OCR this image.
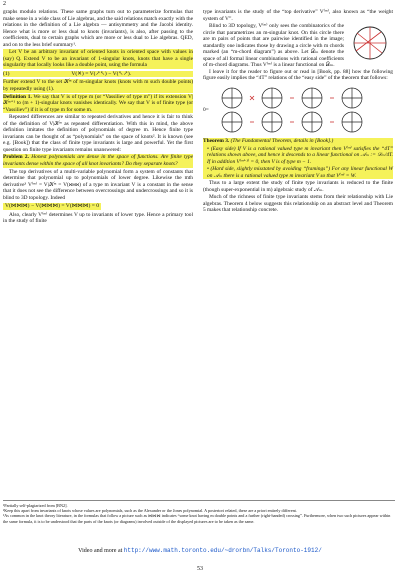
2

graphs modulo relations. These same graphs turn out to parameterize formulas that make sense in a wide class of Lie algebras, and the said relations match exactly with the relations in the definition of a Lie algebra — antisymmetry and the Jacobi identity. Hence what is more or less dual to knots (invariants), is also, after passing to the coefficients, dual to certain graphs which are more or less dual to Lie algebras. QED, and on to the less brief summary¹.

Let V be an arbitrary invariant of oriented knots in oriented space with values in (say) Q. Extend V to be an invariant of 1-singular knots, knots that have a single singularity that locally looks like a double point, using the formula

(1)	V(✕) = V(↗↖) − V(↖↗).

Further extend V to the set 𝒦ᵐ of m-singular knots (knots with m such double points) by repeatedly using (1).

Definition 1. We say that V is of type m (or “Vassiliev of type m”) if its extension V|𝒦ᵐ⁺¹ to (m + 1)-singular knots vanishes identically. We say that V is of finite type (or “Vassiliev”) if it is of type m for some m.

Repeated differences are similar to repeated derivatives and hence it is fair to think of the definition of V|𝒦ᵐ as repeated differentiation. With this in mind, the above definition imitates the definition of polynomials of degree m. Hence finite type invariants can be thought of as “polynomials” on the space of knots². It is known (see e.g. [Book]) that the class of finite type invariants is large and powerful. Yet the first question on finite type invariants remains unanswered:

Problem 2. Honest polynomials are dense in the space of functions. Are finite type invariants dense within the space of all knot invariants? Do they separate knots?

The top derivatives of a multi-variable polynomial form a system of constants that determine that polynomial up to polynomials of lower degree. Likewise the mth derivative³ V⁽ᵐ⁾ = V|𝒦ᵐ = V(⋈⋈⋈) of a type m invariant V is a constant in the sense that it does not see the difference between overcrossings and undercrossings and so it is blind to 3D topology. Indeed

V(⋈⋈⋈) − V(⋈⋈⋈) = V(⋈⋈⋈) = 0

Also, clearly V⁽ᵐ⁾ determines V up to invariants of lower type. Hence a primary tool in the study of finite

type invariants is the study of the “top derivative” V⁽ᵐ⁾, also known as “the weight system of V”.

Blind to 3D topology, V⁽ᵐ⁾ only sees the combinatorics of the circle that parametrizes an m-singular knot. On this circle there are m pairs of points that are pairwise identified in the image; standardly one indicates those by drawing a circle with m chords marked (an “m-chord diagram”) as above. Let 𝒟ₘ denote the space of all formal linear combinations with rational coefficients of m-chord diagrams. Thus V⁽ᵐ⁾ is a linear functional on 𝒟ₘ.

I leave it for the reader to figure out or read in [Book, pp. 88] how the following figure easily implies the “4T” relations of the “easy side” of the theorem that follows:

0=

Theorem 3. (The Fundamental Theorem, details in [Book].)

• (Easy side) If V is a rational valued type m invariant then V⁽ᵐ⁾ satisfies the “4T” relations shown above, and hence it descends to a linear functional on 𝒜ₘ := 𝒟ₘ/4T. If in addition V⁽ᵐ⁺¹⁾ = 0, then V is of type m − 1.

• (Hard side, slightly misstated by avoiding “framings”) For any linear functional W on 𝒜ₘ there is a rational valued type m invariant V so that V⁽ᵐ⁾ = W.

Thus to a large extent the study of finite type invariants is reduced to the finite (though super-exponential in m) algebraic study of 𝒜ₘ.

Much of the richness of finite type invariants stems from their relationship with Lie algebras. Theorem 4 below suggests this relationship on an abstract level and Theorem 5 makes that relationship concrete.

¹Partially self-plagiarized from [BN2].
²Keep this apart from invariants of knots whose values are polynomials, such as the Alexander or the Jones polynomial. A posteriori related, these are a priori entirely different.
³As common in the knot theory literature, in the formulas that follow a picture such as ⋈⋈⋈ indicates “some knot having m double points and a further (right-handed) crossing”. Furthermore, when two such pictures appear within the same formula, it is to be understood that the parts of the knots (or diagrams) involved outside of the displayed pictures are to be taken as the same.
Video and more at http://www.math.toronto.edu/~drorbn/Talks/Toronto-1912/
53
